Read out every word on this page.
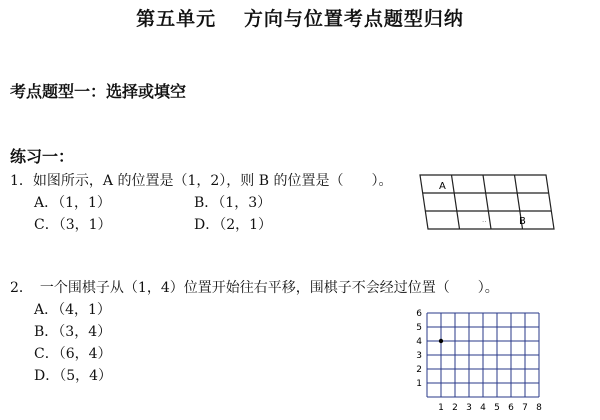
第五单元 方向与位置考点题型归纳
考点题型一：选择或填空
练习一：
1．如图所示，A 的位置是（1，2），则 B 的位置是（　　）。
A．（1，1）	B．（1，3）
C．（3，1）	D．（2，1）
A
B
..
2．　一个围棋子从（1，4）位置开始往右平移，围棋子不会经过位置（　　）。
A．（4，1）
B．（3，4）
C．（6，4）
D．（5，4）
1 2 3 4 5 6 7 8
1
2
3
4
5
6
